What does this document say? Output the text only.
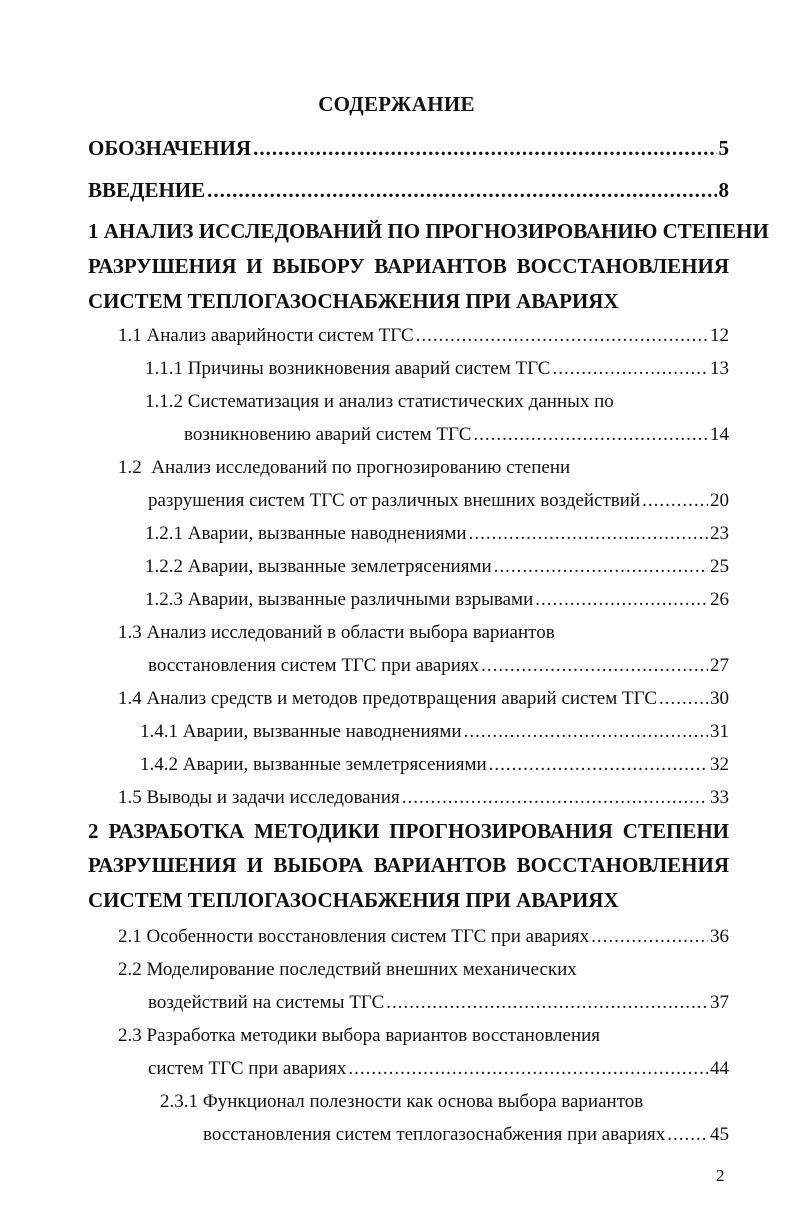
СОДЕРЖАНИЕ
ОБОЗНАЧЕНИЯ .....	5
ВВЕДЕНИЕ .....	8
1 АНАЛИЗ ИССЛЕДОВАНИЙ ПО ПРОГНОЗИРОВАНИЮ СТЕПЕНИ
РАЗРУШЕНИЯ И ВЫБОРУ ВАРИАНТОВ ВОССТАНОВЛЕНИЯ
СИСТЕМ ТЕПЛОГАЗОСНАБЖЕНИЯ ПРИ АВАРИЯХ
1.1 Анализ аварийности систем ТГС .....	12
1.1.1 Причины возникновения аварий систем ТГС .....	13
1.1.2 Систематизация и анализ статистических данных по
возникновению аварий систем ТГС .....	14
1.2  Анализ исследований по прогнозированию степени
разрушения систем ТГС от различных внешних воздействий .....	20
1.2.1 Аварии, вызванные наводнениями .....	23
1.2.2 Аварии, вызванные землетрясениями .....	25
1.2.3 Аварии, вызванные различными взрывами .....	26
1.3 Анализ исследований в области выбора вариантов
восстановления систем ТГС при авариях .....	27
1.4 Анализ средств и методов предотвращения аварий систем ТГС .....	30
1.4.1 Аварии, вызванные наводнениями .....	31
1.4.2 Аварии, вызванные землетрясениями .....	32
1.5 Выводы и задачи исследования .....	33
2 РАЗРАБОТКА МЕТОДИКИ ПРОГНОЗИРОВАНИЯ СТЕПЕНИ
РАЗРУШЕНИЯ И ВЫБОРА ВАРИАНТОВ ВОССТАНОВЛЕНИЯ
СИСТЕМ ТЕПЛОГАЗОСНАБЖЕНИЯ ПРИ АВАРИЯХ
2.1 Особенности восстановления систем ТГС при авариях .....	36
2.2 Моделирование последствий внешних механических
воздействий на системы ТГС .....	37
2.3 Разработка методики выбора вариантов восстановления
систем ТГС при авариях .....	44
2.3.1 Функционал полезности как основа выбора вариантов
восстановления систем теплогазоснабжения при авариях ..... 45
2
